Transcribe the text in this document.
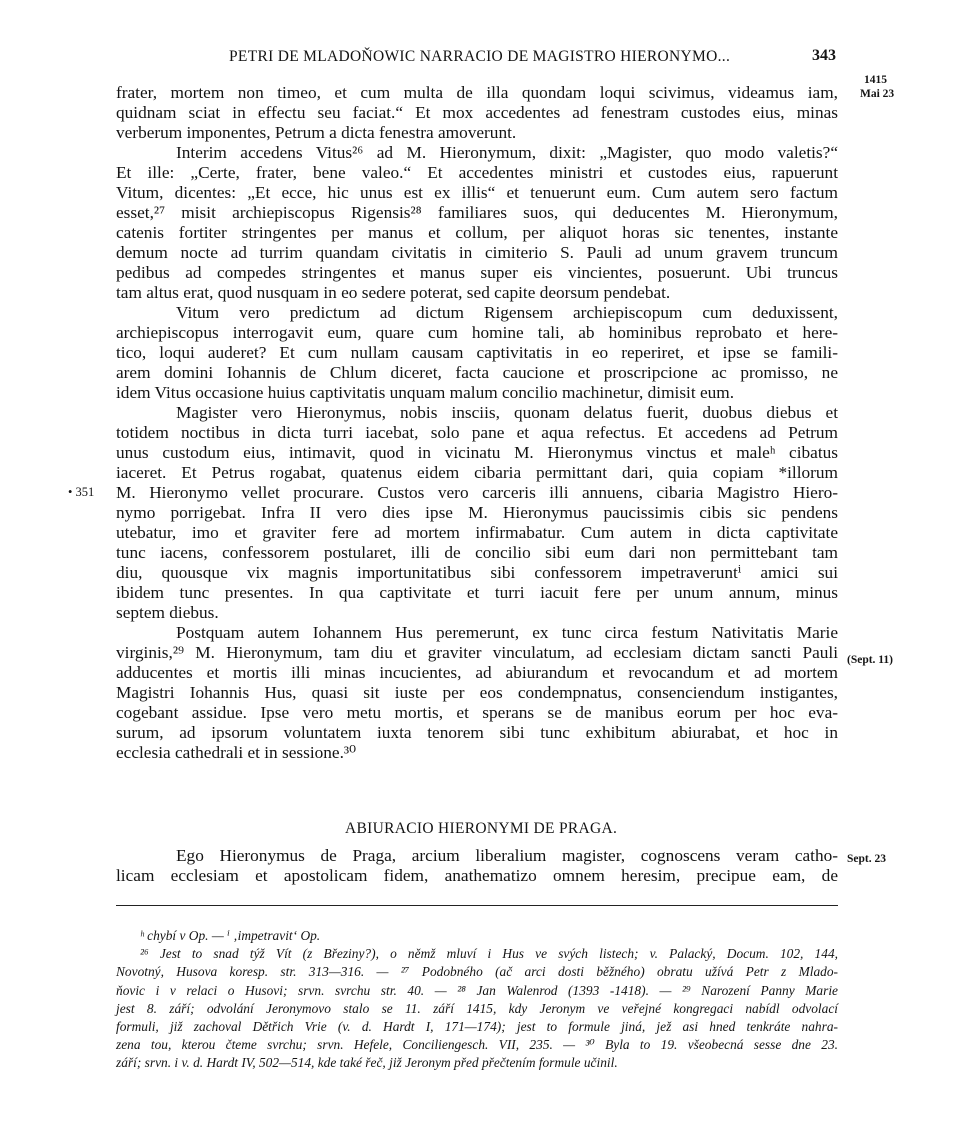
PETRI DE MLADOŇOWIC NARRACIO DE MAGISTRO HIERONYMO...	343
1415
Mai 23
• 351
(Sept. 11)
Sept. 23
frater, mortem non timeo, et cum multa de illa quondam loqui scivimus, videamus iam,
quidnam sciat in effectu seu faciat.“ Et mox accedentes ad fenestram custodes eius, minas
verberum imponentes, Petrum a dicta fenestra amoverunt.
Interim accedens Vitus²⁶ ad M. Hieronymum, dixit: „Magister, quo modo valetis?“
Et ille: „Certe, frater, bene valeo.“ Et accedentes ministri et custodes eius, rapuerunt
Vitum, dicentes: „Et ecce, hic unus est ex illis“ et tenuerunt eum. Cum autem sero factum
esset,²⁷ misit archiepiscopus Rigensis²⁸ familiares suos, qui deducentes M. Hieronymum,
catenis fortiter stringentes per manus et collum, per aliquot horas sic tenentes, instante
demum nocte ad turrim quandam civitatis in cimiterio S. Pauli ad unum gravem truncum
pedibus ad compedes stringentes et manus super eis vincientes, posuerunt. Ubi truncus
tam altus erat, quod nusquam in eo sedere poterat, sed capite deorsum pendebat.
Vitum vero predictum ad dictum Rigensem archiepiscopum cum deduxissent,
archiepiscopus interrogavit eum, quare cum homine tali, ab hominibus reprobato et here-
tico, loqui auderet? Et cum nullam causam captivitatis in eo reperiret, et ipse se famili-
arem domini Iohannis de Chlum diceret, facta caucione et proscripcione ac promisso, ne
idem Vitus occasione huius captivitatis unquam malum concilio machinetur, dimisit eum.
Magister vero Hieronymus, nobis insciis, quonam delatus fuerit, duobus diebus et
totidem noctibus in dicta turri iacebat, solo pane et aqua refectus. Et accedens ad Petrum
unus custodum eius, intimavit, quod in vicinatu M. Hieronymus vinctus et maleʰ cibatus
iaceret. Et Petrus rogabat, quatenus eidem cibaria permittant dari, quia copiam *illorum
M. Hieronymo vellet procurare. Custos vero carceris illi annuens, cibaria Magistro Hiero-
nymo porrigebat. Infra II vero dies ipse M. Hieronymus paucissimis cibis sic pendens
utebatur, imo et graviter fere ad mortem infirmabatur. Cum autem in dicta captivitate
tunc iacens, confessorem postularet, illi de concilio sibi eum dari non permittebant tam
diu, quousque vix magnis importunitatibus sibi confessorem impetraveruntⁱ amici sui
ibidem tunc presentes. In qua captivitate et turri iacuit fere per unum annum, minus
septem diebus.
Postquam autem Iohannem Hus peremerunt, ex tunc circa festum Nativitatis Marie
virginis,²⁹ M. Hieronymum, tam diu et graviter vinculatum, ad ecclesiam dictam sancti Pauli
adducentes et mortis illi minas incucientes, ad abiurandum et revocandum et ad mortem
Magistri Iohannis Hus, quasi sit iuste per eos condempnatus, consenciendum instigantes,
cogebant assidue. Ipse vero metu mortis, et sperans se de manibus eorum per hoc eva-
surum, ad ipsorum voluntatem iuxta tenorem sibi tunc exhibitum abiurabat, et hoc in
ecclesia cathedrali et in sessione.³⁰
ABIURACIO HIERONYMI DE PRAGA.
Ego Hieronymus de Praga, arcium liberalium magister, cognoscens veram catho-
licam ecclesiam et apostolicam fidem, anathematizo omnem heresim, precipue eam, de
ʰ chybí v Op. — ⁱ ‚impetravit‘ Op.
²⁶ Jest to snad týž Vít (z Březiny?), o němž mluví i Hus ve svých listech; v. Palacký, Docum. 102, 144,
Novotný, Husova koresp. str. 313—316. — ²⁷ Podobného (ač arci dosti běžného) obratu užívá Petr z Mlado-
ňovic i v relaci o Husovi; srvn. svrchu str. 40. — ²⁸ Jan Walenrod (1393 -1418). — ²⁹ Narození Panny Marie
jest 8. září; odvolání Jeronymovo stalo se 11. září 1415, kdy Jeronym ve veřejné kongregaci nabídl odvolací
formuli, již zachoval Dětřich Vrie (v. d. Hardt I, 171—174); jest to formule jiná, jež asi hned tenkráte nahra-
zena tou, kterou čteme svrchu; srvn. Hefele, Conciliengesch. VII, 235. — ³⁰ Byla to 19. všeobecná sesse dne 23.
září; srvn. i v. d. Hardt IV, 502—514, kde také řeč, již Jeronym před přečtením formule učinil.
